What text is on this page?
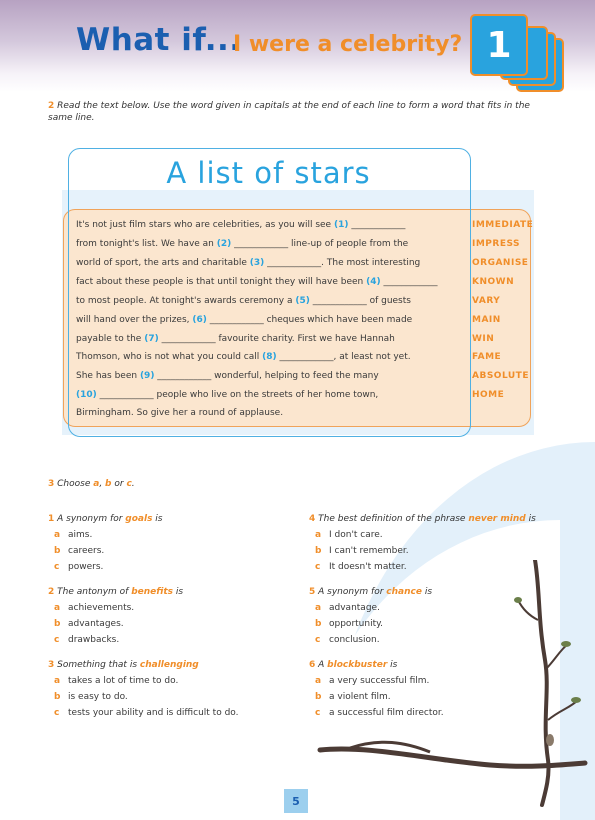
What if...
I were a celebrity? 1
2 Read the text below. Use the word given in capitals at the end of each line to form a word that fits in the same line.
A list of stars
It's not just film stars who are celebrities, as you will see (1) ____________	IMMEDIATE
from tonight's list. We have an (2) ____________ line-up of people from the	IMPRESS
world of sport, the arts and charitable (3) ____________. The most interesting	ORGANISE
fact about these people is that until tonight they will have been (4) ____________	KNOWN
to most people. At tonight's awards ceremony a (5) ____________ of guests	VARY
will hand over the prizes, (6) ____________ cheques which have been made	MAIN
payable to the (7) ____________ favourite charity. First we have Hannah	WIN
Thomson, who is not what you could call (8) ____________, at least not yet.	FAME
She has been (9) ____________ wonderful, helping to feed the many	ABSOLUTE
(10) ____________ people who live on the streets of her home town,	HOME
Birmingham. So give her a round of applause.
3 Choose a, b or c.
1 A synonym for goals is
a aims.
b careers.
c powers.
2 The antonym of benefits is
a achievements.
b advantages.
c drawbacks.
3 Something that is challenging
a takes a lot of time to do.
b is easy to do.
c tests your ability and is difficult to do.
4 The best definition of the phrase never mind is
a I don't care.
b I can't remember.
c It doesn't matter.
5 A synonym for chance is
a advantage.
b opportunity.
c conclusion.
6 A blockbuster is
a a very successful film.
b a violent film.
c a successful film director.
5
